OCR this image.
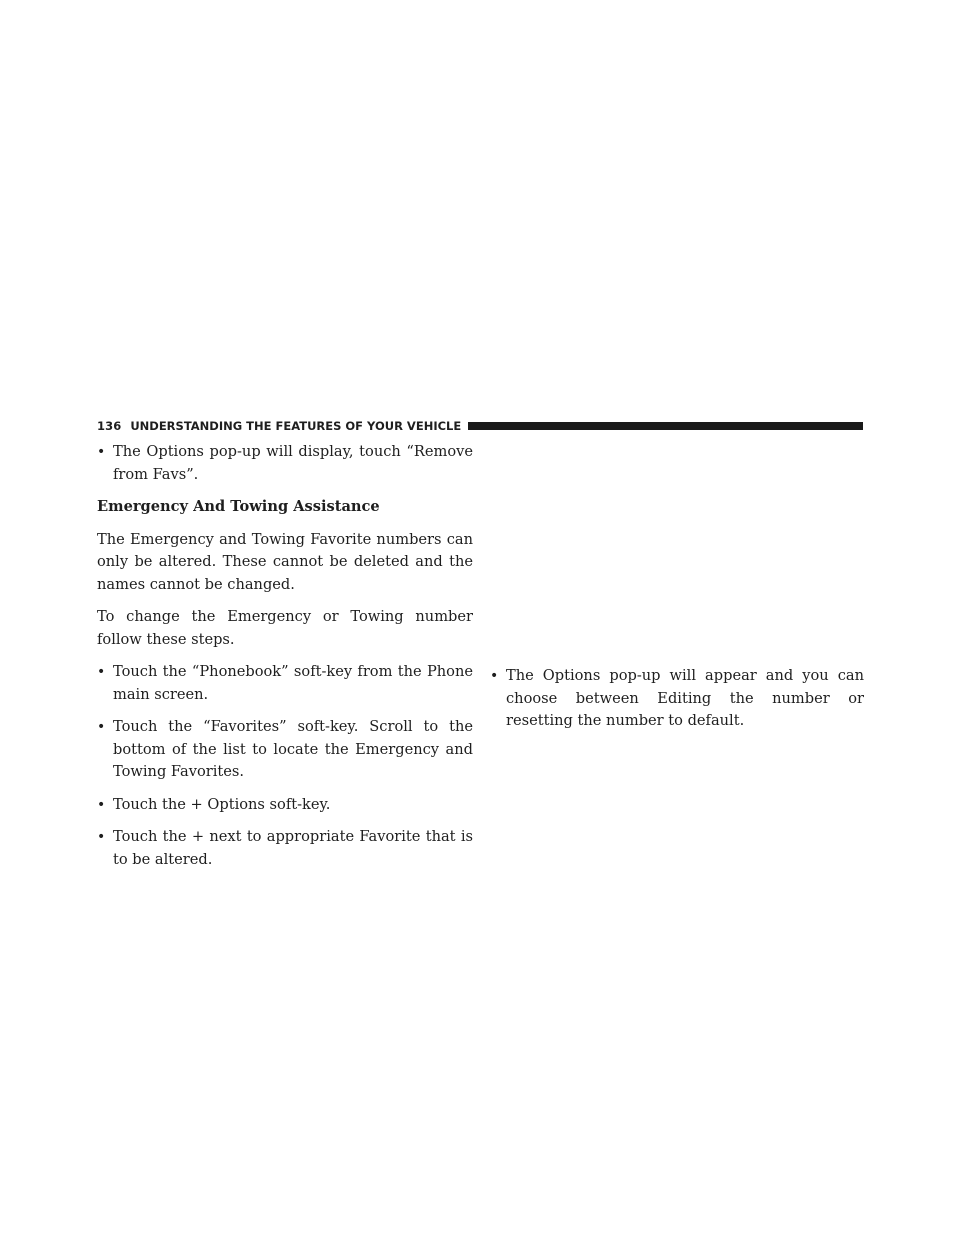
136 UNDERSTANDING THE FEATURES OF YOUR VEHICLE
• The Options pop-up will display, touch “Remove from Favs”.
Emergency And Towing Assistance

The Emergency and Towing Favorite numbers can only be altered. These cannot be deleted and the names cannot be changed.

To change the Emergency or Towing number follow these steps.

• Touch the “Phonebook” soft-key from the Phone main screen.
• Touch the “Favorites” soft-key. Scroll to the bottom of the list to locate the Emergency and Towing Favorites.
• Touch the + Options soft-key.
• Touch the + next to appropriate Favorite that is to be altered.
• The Options pop-up will appear and you can choose between Editing the number or resetting the number to default.
